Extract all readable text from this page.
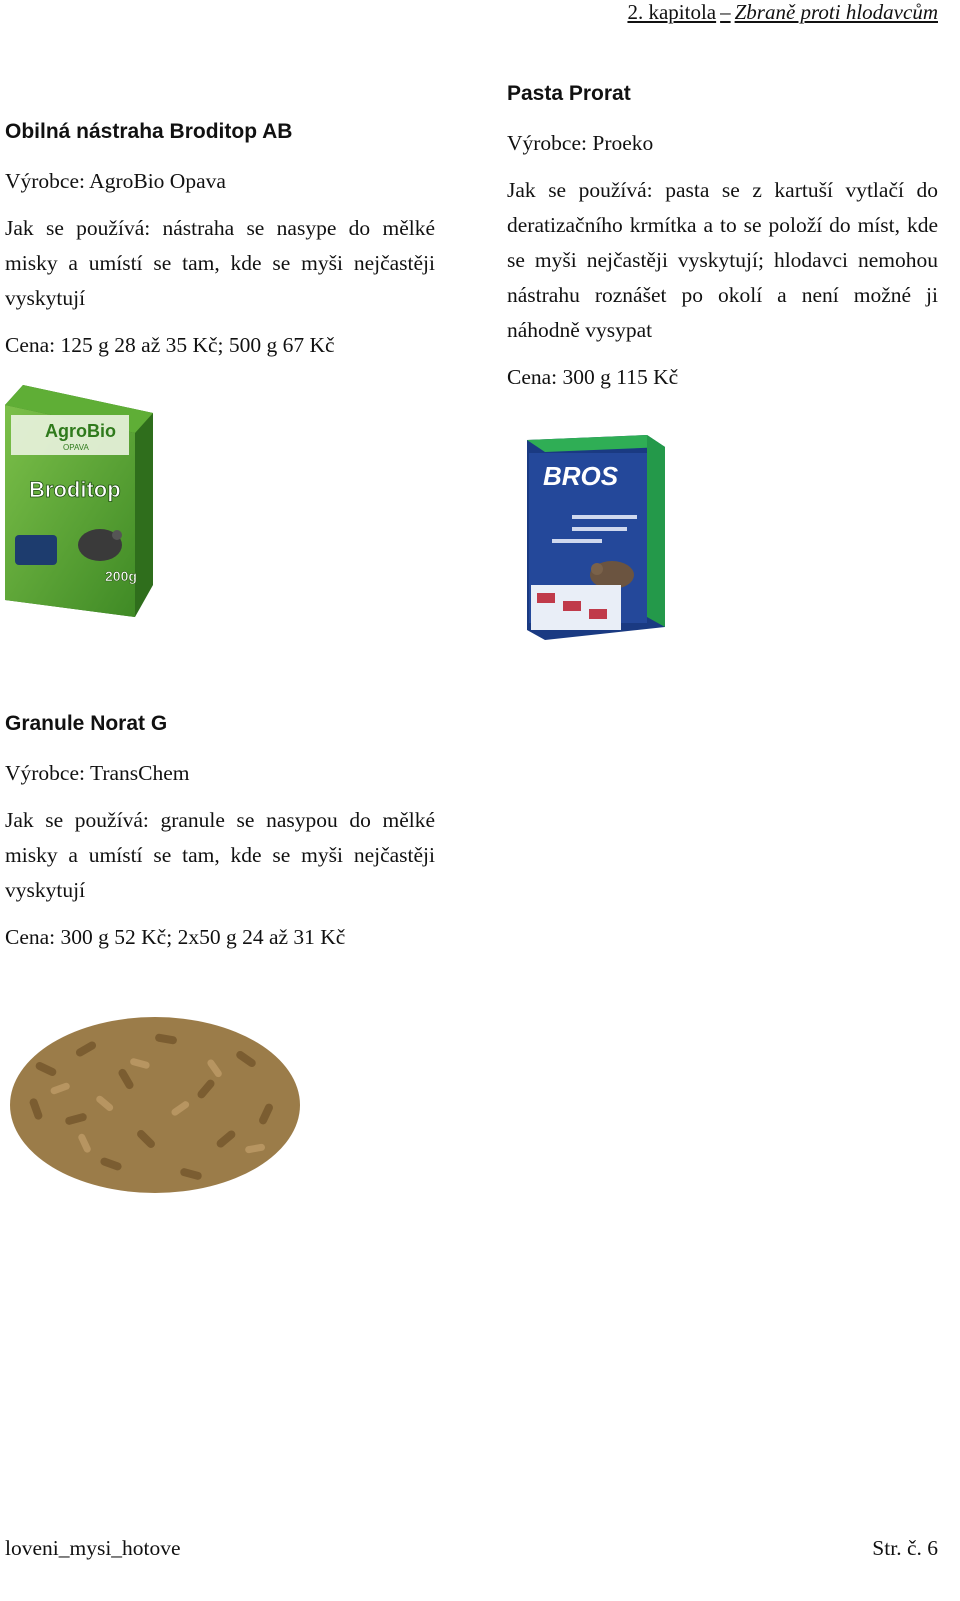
2. kapitola – Zbraně proti hlodavcům
Obilná nástraha Broditop AB
Výrobce: AgroBio Opava
Jak se používá: nástraha se nasype do mělké misky a umístí se tam, kde se myši nejčastěji vyskytují
Cena: 125 g 28 až 35 Kč; 500 g 67 Kč
Pasta Prorat
Výrobce: Proeko
Jak se používá: pasta se z kartuší vytlačí do deratizačního krmítka a to se položí do míst, kde se myši nejčastěji vyskytují; hlodavci nemohou nástrahu roznášet po okolí a není možné ji náhodně vysypat
Cena: 300 g 115 Kč
Granule Norat G
Výrobce: TransChem
Jak se používá: granule se nasypou do mělké misky a umístí se tam, kde se myši nejčastěji vyskytují
Cena: 300 g 52 Kč; 2x50 g 24 až 31 Kč
AgroBio
OPAVA
Broditop
200g
BROS
loveni_mysi_hotove	Str. č. 6
